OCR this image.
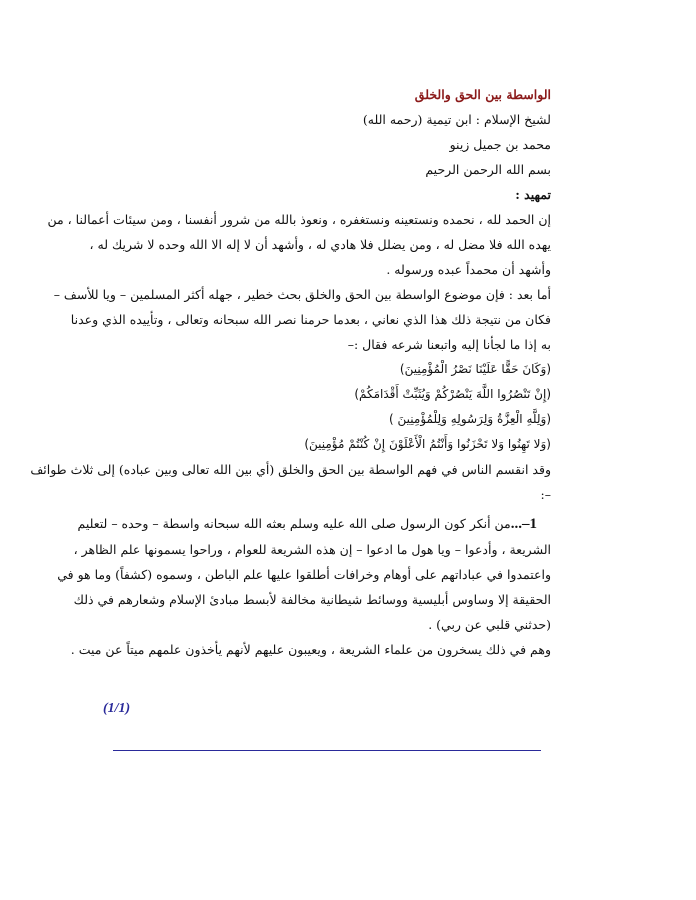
الواسطة بين الحق والخلق
لشيخ الإسلام : ابن تيمية (رحمه الله)
محمد بن جميل زينو
بسم الله الرحمن الرحيم
تمهيد :
إن الحمد لله ، نحمده ونستعينه ونستغفره ، ونعوذ بالله من شرور أنفسنا ، ومن سيئات أعمالنا ، من
يهده الله فلا مضل له ، ومن يضلل فلا هادي له ، وأشهد أن لا إله الا الله وحده لا شريك له ،
وأشهد أن محمداً عبده ورسوله .
أما بعد : فإن موضوع الواسطة بين الحق والخلق بحث خطير ، جهله أكثر المسلمين – ويا للأسف –
فكان من نتيجة ذلك هذا الذي نعاني ، بعدما حرمنا نصر الله سبحانه وتعالى ، وتأييده الذي وعدنا
به إذا ما لجأنا إليه واتبعنا شرعه فقال :–
(وَكَانَ حَقًّا عَلَيْنَا نَصْرُ الْمُؤْمِنِينَ)
(إِنْ تَنْصُرُوا اللَّهَ يَنْصُرْكُمْ وَيُثَبِّتْ أَقْدَامَكُمْ)
(وَلِلَّهِ الْعِزَّةُ وَلِرَسُولِهِ وَلِلْمُؤْمِنِينَ )
(وَلا تَهِنُوا وَلا تَحْزَنُوا وَأَنْتُمُ الْأَعْلَوْنَ إِنْ كُنْتُمْ مُؤْمِنِينَ)
وقد انقسم الناس في فهم الواسطة بين الحق والخلق (أي بين الله تعالى وبين عباده) إلى ثلاث طوائف
–:
1–...من أنكر كون الرسول صلى الله عليه وسلم بعثه الله سبحانه واسطة – وحده – لتعليم
الشريعة ، وأدعوا – ويا هول ما ادعوا – إن هذه الشريعة للعوام ، وراحوا يسمونها علم الظاهر ،
واعتمدوا في عباداتهم على أوهام وخرافات أطلقوا عليها علم الباطن ، وسموه (كشفاً) وما هو في
الحقيقة إلا وساوس أبليسية ووسائط شيطانية مخالفة لأبسط مبادئ الإسلام وشعارهم في ذلك
(حدثني قلبي عن ربي) .
وهم في ذلك يسخرون من علماء الشريعة ، ويعيبون عليهم لأنهم يأخذون علمهم ميتاً عن ميت .
(1/1)
